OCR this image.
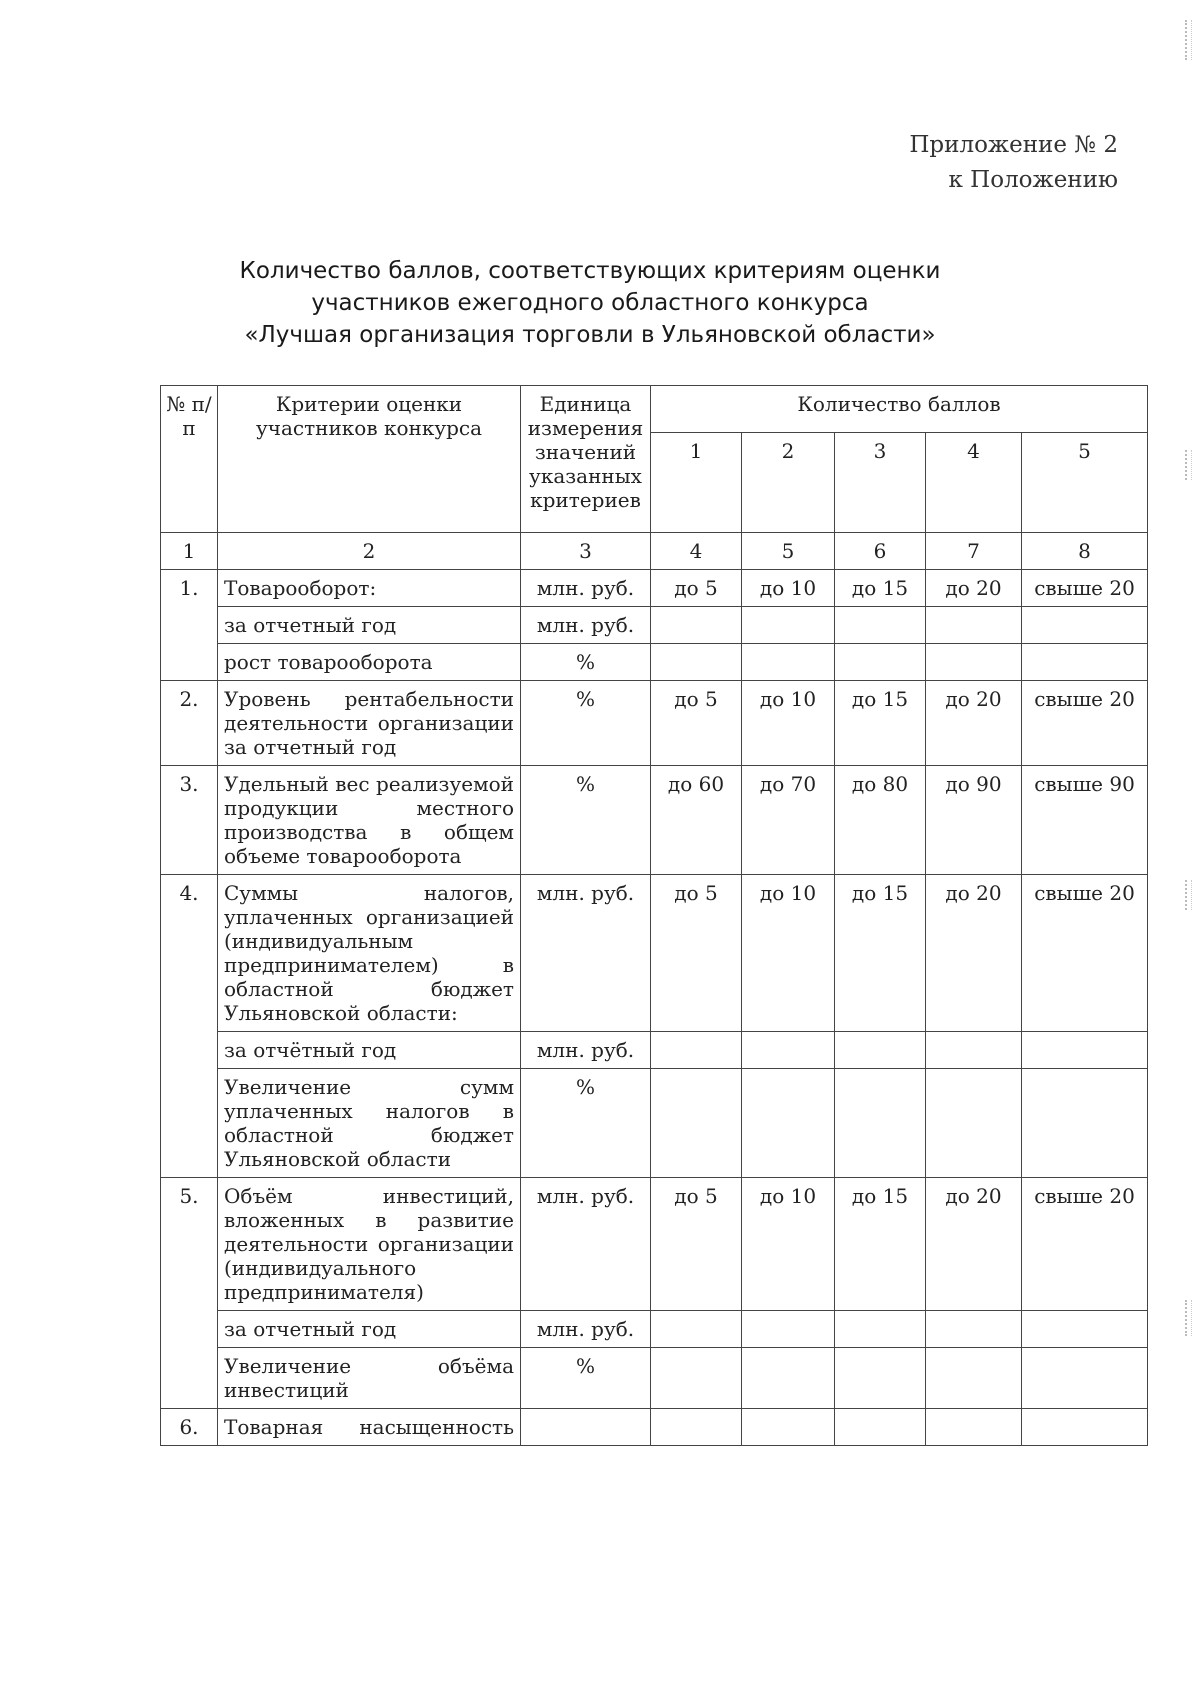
Приложение № 2
к Положению
Количество баллов, соответствующих критериям оценки
участников ежегодного областного конкурса
«Лучшая организация торговли в Ульяновской области»
№ п/п	Критерии оценки участников конкурса	Единица измерения значений указанных критериев	Количество баллов				
			1	2	3	4	5
1	2	3	4	5	6	7	8
1.	Товарооборот:	млн. руб.	до 5	до 10	до 15	до 20	свыше 20
	за отчетный год	млн. руб.					
	рост товарооборота	%					
2.	Уровень рентабельности деятельности организации за отчетный год	%	до 5	до 10	до 15	до 20	свыше 20
3.	Удельный вес реализуемой продукции местного производства в общем объеме товарооборота	%	до 60	до 70	до 80	до 90	свыше 90
4.	Суммы налогов, уплаченных организацией (индивидуальным предпринимателем) в областной бюджет Ульяновской области:	млн. руб.	до 5	до 10	до 15	до 20	свыше 20
	за отчётный год	млн. руб.					
	Увеличение сумм уплаченных налогов в областной бюджет Ульяновской области	%					
5.	Объём инвестиций, вложенных в развитие деятельности организации (индивидуального предпринимателя)	млн. руб.	до 5	до 10	до 15	до 20	свыше 20
	за отчетный год	млн. руб.					
	Увеличение объёма инвестиций	%					
6.	Товарная насыщенность						
